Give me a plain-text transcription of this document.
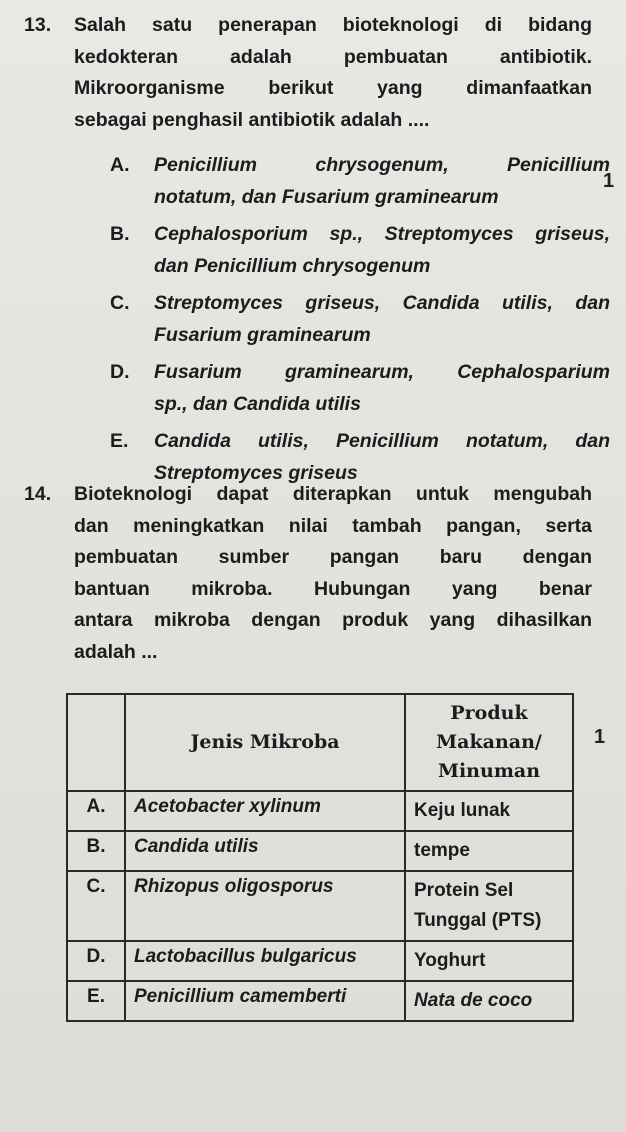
13. Salah satu penerapan bioteknologi di bidang
kedokteran adalah pembuatan antibiotik.
Mikroorganisme berikut yang dimanfaatkan
sebagai penghasil antibiotik adalah ....
A. Penicillium chrysogenum, Penicillium
notatum, dan Fusarium graminearum
B. Cephalosporium sp., Streptomyces griseus,
dan Penicillium chrysogenum
C. Streptomyces griseus, Candida utilis, dan
Fusarium graminearum
D. Fusarium graminearum, Cephalosparium
sp., dan Candida utilis
E. Candida utilis, Penicillium notatum, dan
Streptomyces griseus
1
14. Bioteknologi dapat diterapkan untuk mengubah
dan meningkatkan nilai tambah pangan, serta
pembuatan sumber pangan baru dengan
bantuan mikroba. Hubungan yang benar
antara mikroba dengan produk yang dihasilkan
adalah ...
1
	Jenis Mikroba	Produk
Makanan/
Minuman

A.	Acetobacter xylinum	Keju lunak

B.	Candida utilis	tempe

C.	Rhizopus oligosporus	Protein Sel
Tunggal (PTS)

D.	Lactobacillus bulgaricus	Yoghurt

E.	Penicillium camemberti	Nata de coco
